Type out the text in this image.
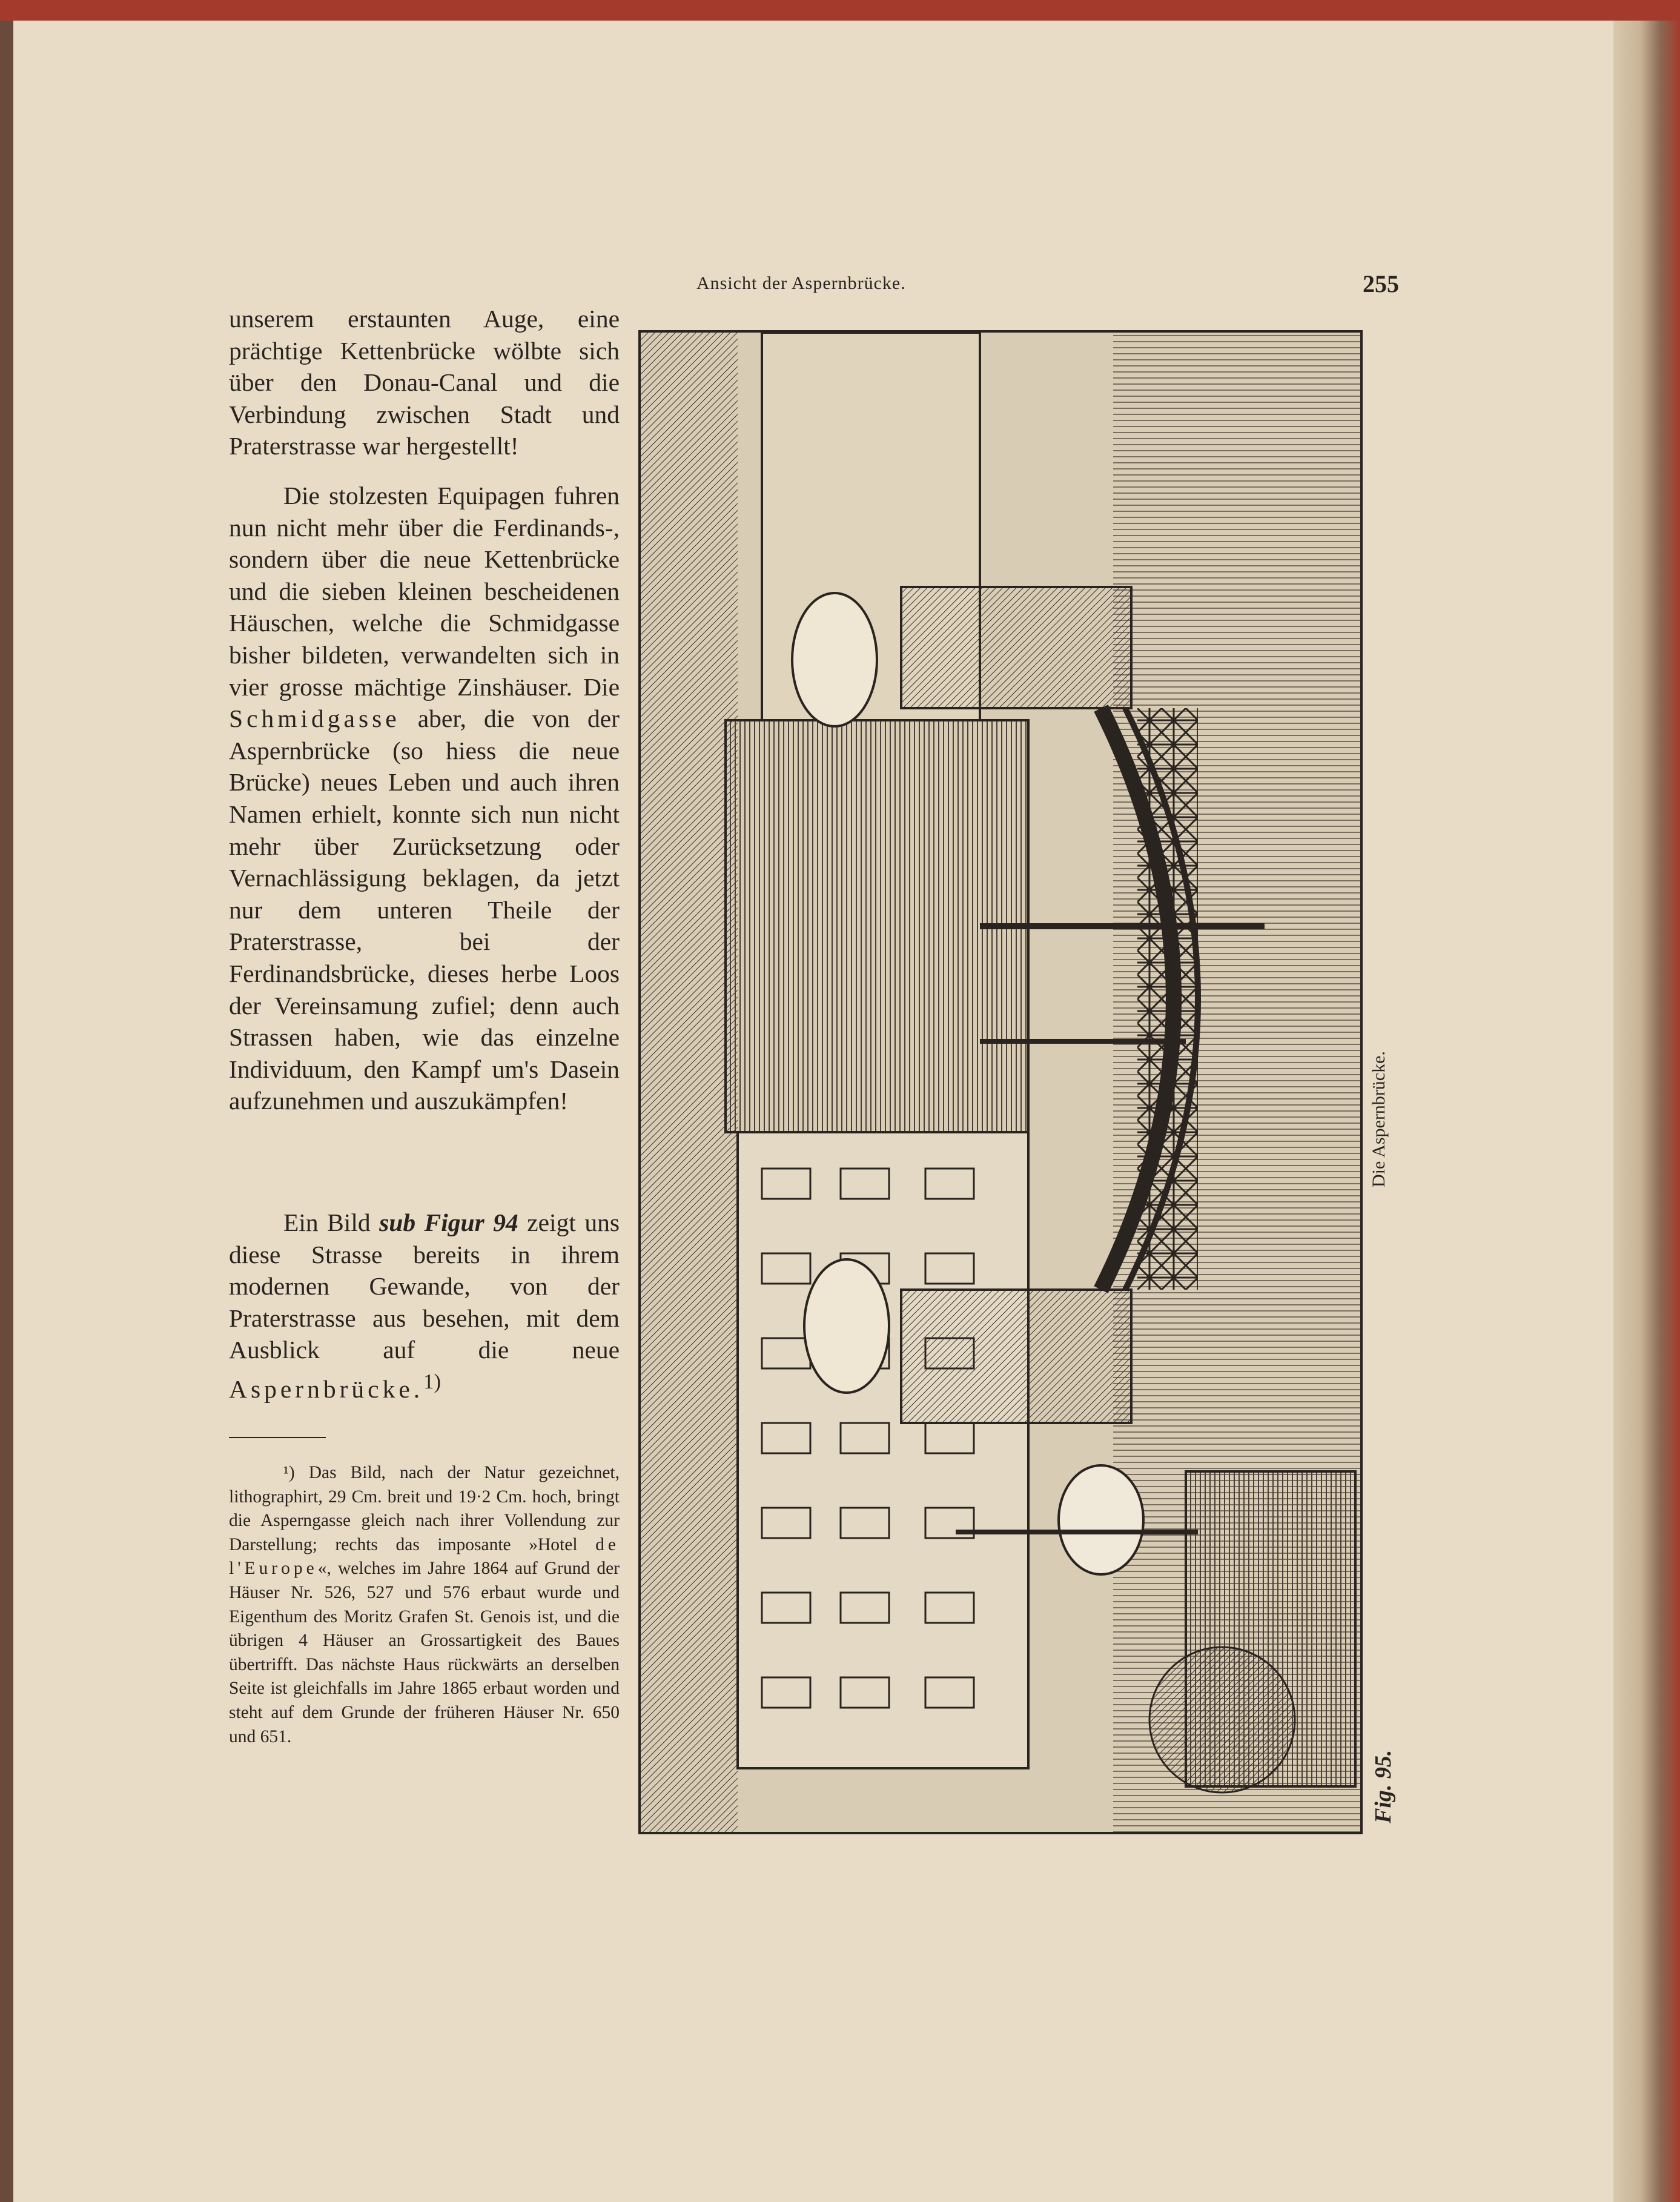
Ansicht der Aspernbrücke.	255

unserem erstaunten Auge, eine prächtige Kettenbrücke wölbte sich über den Donau-Canal und die Verbindung zwischen Stadt und Praterstrasse war hergestellt!

Die stolzesten Equipagen fuhren nun nicht mehr über die Ferdinands-, sondern über die neue Kettenbrücke und die sieben kleinen bescheidenen Häuschen, welche die Schmidgasse bisher bildeten, verwandelten sich in vier grosse mächtige Zinshäuser. Die Schmidgasse aber, die von der Aspernbrücke (so hiess die neue Brücke) neues Leben und auch ihren Namen erhielt, konnte sich nun nicht mehr über Zurücksetzung oder Vernachlässigung beklagen, da jetzt nur dem unteren Theile der Praterstrasse, bei der Ferdinandsbrücke, dieses herbe Loos der Vereinsamung zufiel; denn auch Strassen haben, wie das einzelne Individuum, den Kampf um's Dasein aufzunehmen und auszukämpfen!

Ein Bild sub Figur 94 zeigt uns diese Strasse bereits in ihrem modernen Gewande, von der Praterstrasse aus besehen, mit dem Ausblick auf die neue Aspernbrücke.$^{1)}$

¹) Das Bild, nach der Natur gezeichnet, lithographirt, 29 Cm. breit und 19·2 Cm. hoch, bringt die Asperngasse gleich nach ihrer Vollendung zur Darstellung; rechts das imposante »Hotel de l'Europe«, welches im Jahre 1864 auf Grund der Häuser Nr. 526, 527 und 576 erbaut wurde und Eigenthum des Moritz Grafen St. Genois ist, und die übrigen 4 Häuser an Grossartigkeit des Baues übertrifft. Das nächste Haus rückwärts an derselben Seite ist gleichfalls im Jahre 1865 erbaut worden und steht auf dem Grunde der früheren Häuser Nr. 650 und 651.
Die Aspernbrücke.
Fig. 95.
